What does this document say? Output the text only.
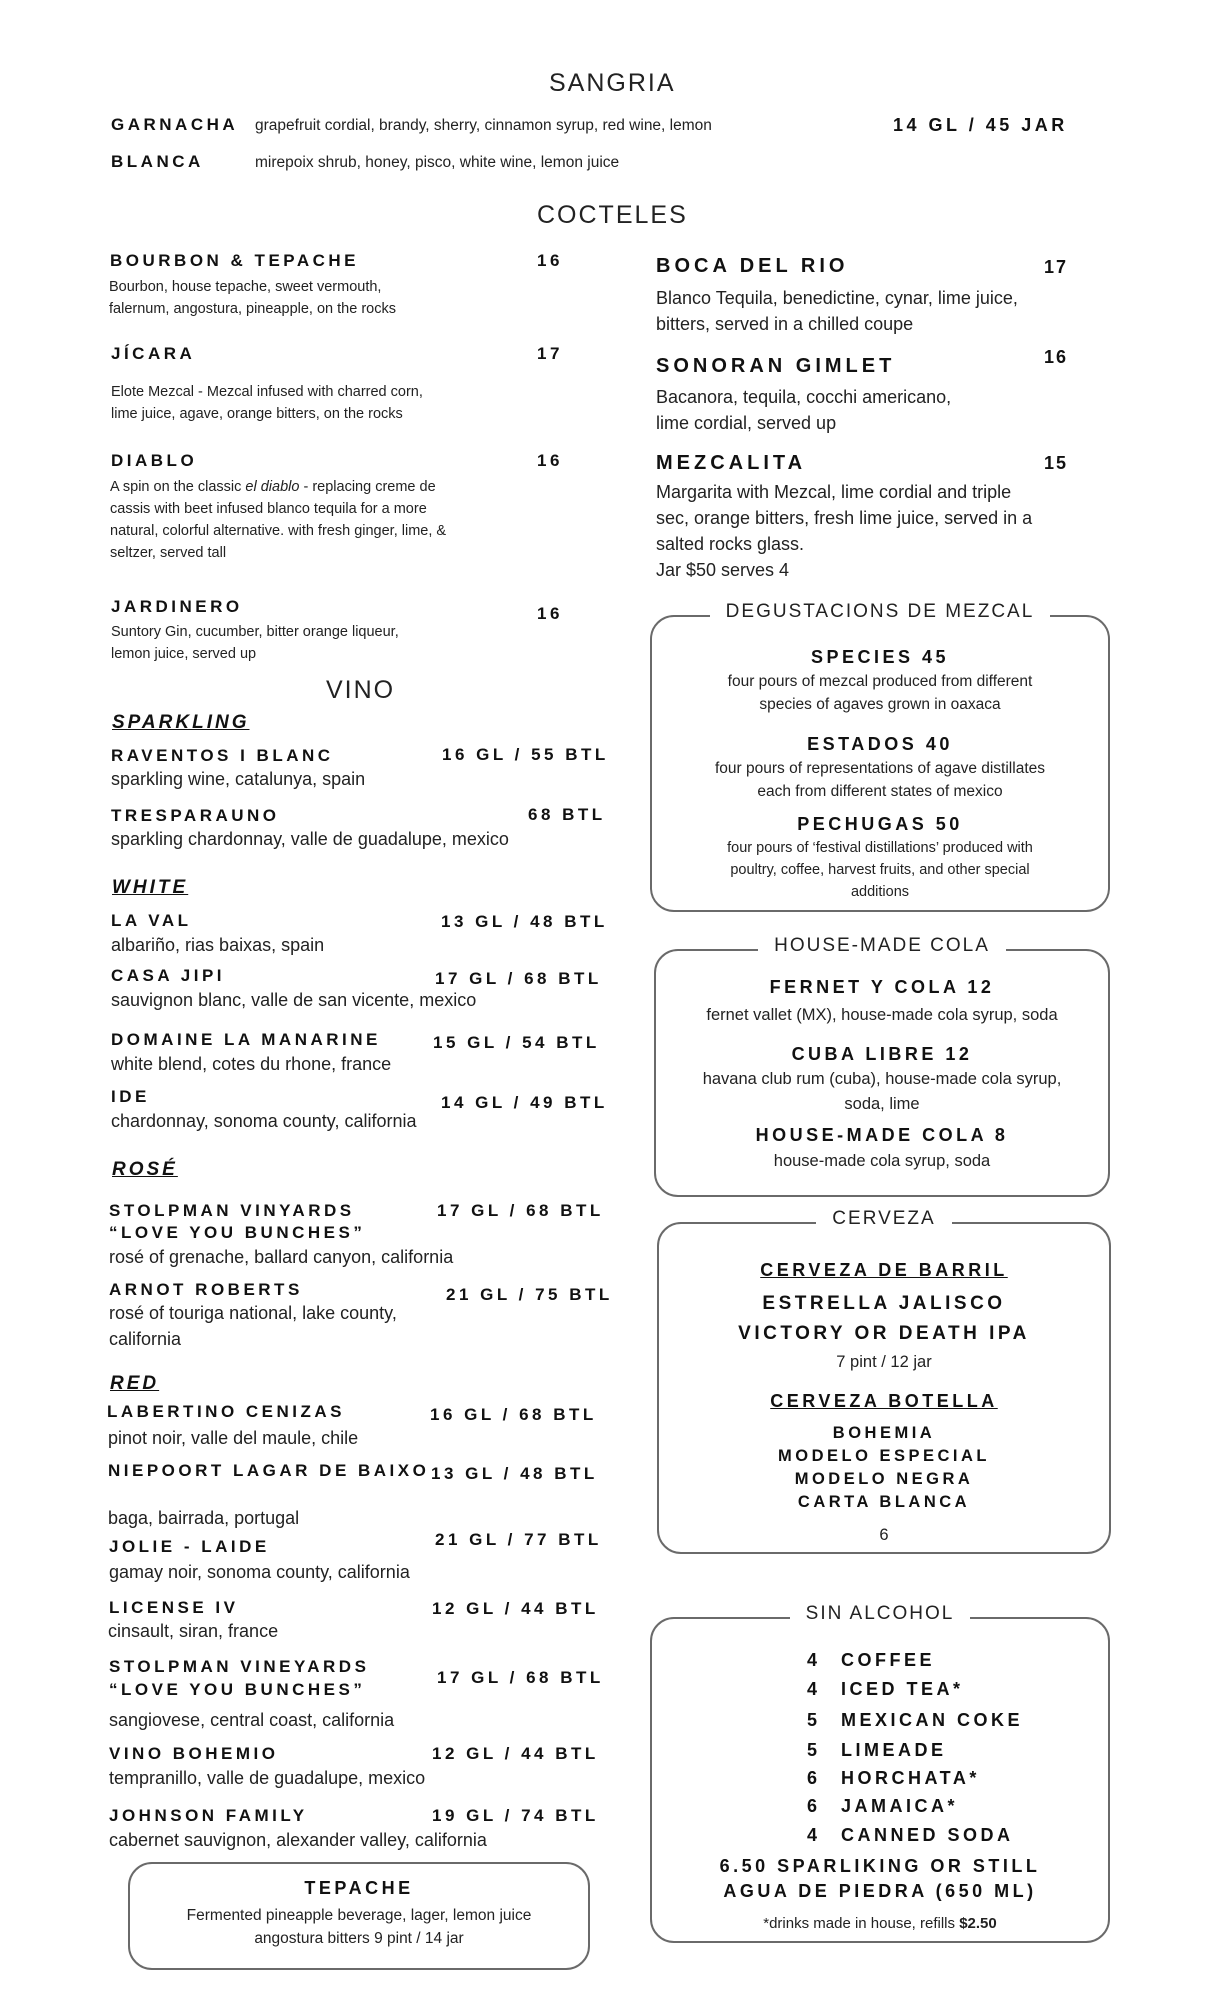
SANGRIA
GARNACHA grapefruit cordial, brandy, sherry, cinnamon syrup, red wine, lemon	14 GL / 45 JAR
BLANCA	mirepoix shrub, honey, pisco, white wine, lemon juice
COCTELES
BOURBON & TEPACHE	16
Bourbon, house tepache, sweet vermouth,
falernum, angostura, pineapple, on the rocks
JÍCARA	17
Elote Mezcal - Mezcal infused with charred corn,
lime juice, agave, orange bitters, on the rocks
DIABLO	16
A spin on the classic el diablo - replacing creme de cassis with beet infused blanco tequila for a more natural, colorful alternative. with fresh ginger, lime, & seltzer, served tall
JARDINERO	16
Suntory Gin, cucumber, bitter orange liqueur,
lemon juice, served up
BOCA DEL RIO	17
Blanco Tequila, benedictine, cynar, lime juice,
bitters, served in a chilled coupe
SONORAN GIMLET	16
Bacanora, tequila, cocchi americano,
lime cordial, served up
MEZCALITA	15
Margarita with Mezcal, lime cordial and triple
sec, orange bitters, fresh lime juice, served in a
salted rocks glass.
Jar $50 serves 4
VINO
SPARKLING
RAVENTOS I BLANC	16 GL / 55 BTL
sparkling wine, catalunya, spain
TRESPARAUNO	68 BTL
sparkling chardonnay, valle de guadalupe, mexico
WHITE
LA VAL	13 GL / 48 BTL
albariño, rias baixas, spain
CASA JIPI	17 GL / 68 BTL
sauvignon blanc, valle de san vicente, mexico
DOMAINE LA MANARINE	15 GL / 54 BTL
white blend, cotes du rhone, france
IDE	14 GL / 49 BTL
chardonnay, sonoma county, california
ROSÉ
STOLPMAN VINYARDS
“LOVE YOU BUNCHES”
17 GL / 68 BTL
rosé of grenache, ballard canyon, california
ARNOT ROBERTS	21 GL / 75 BTL
rosé of touriga national, lake county,
california
RED
LABERTINO CENIZAS	16 GL / 68 BTL
pinot noir, valle del maule, chile
NIEPOORT LAGAR DE BAIXO 13 GL / 48 BTL
baga, bairrada, portugal
JOLIE - LAIDE	21 GL / 77 BTL
gamay noir, sonoma county, california
LICENSE IV	12 GL / 44 BTL
cinsault, siran, france
STOLPMAN VINEYARDS
“LOVE YOU BUNCHES”
17 GL / 68 BTL
sangiovese, central coast, california
VINO BOHEMIO	12 GL / 44 BTL
tempranillo, valle de guadalupe, mexico
JOHNSON FAMILY	19 GL / 74 BTL
cabernet sauvignon, alexander valley, california
TEPACHE
Fermented pineapple beverage, lager, lemon juice
angostura bitters 9 pint / 14 jar
DEGUSTACIONS DE MEZCAL
SPECIES 45
four pours of mezcal produced from different
species of agaves grown in oaxaca
ESTADOS 40
four pours of representations of agave distillates
each from different states of mexico
PECHUGAS 50
four pours of ‘festival distillations’ produced with
poultry, coffee, harvest fruits, and other special
additions
HOUSE-MADE COLA
FERNET Y COLA 12
fernet vallet (MX), house-made cola syrup, soda
CUBA LIBRE 12
havana club rum (cuba), house-made cola syrup,
soda, lime
HOUSE-MADE COLA 8
house-made cola syrup, soda
CERVEZA
CERVEZA DE BARRIL
ESTRELLA JALISCO
VICTORY OR DEATH IPA
7 pint / 12 jar
CERVEZA BOTELLA
BOHEMIA
MODELO ESPECIAL
MODELO NEGRA
CARTA BLANCA
6
SIN ALCOHOL
4	COFFEE
4	ICED TEA*
5	MEXICAN COKE
5	LIMEADE
6	HORCHATA*
6	JAMAICA*
4	CANNED SODA
6.50 SPARLIKING OR STILL
AGUA DE PIEDRA (650 ML)
*drinks made in house, refills $2.50
